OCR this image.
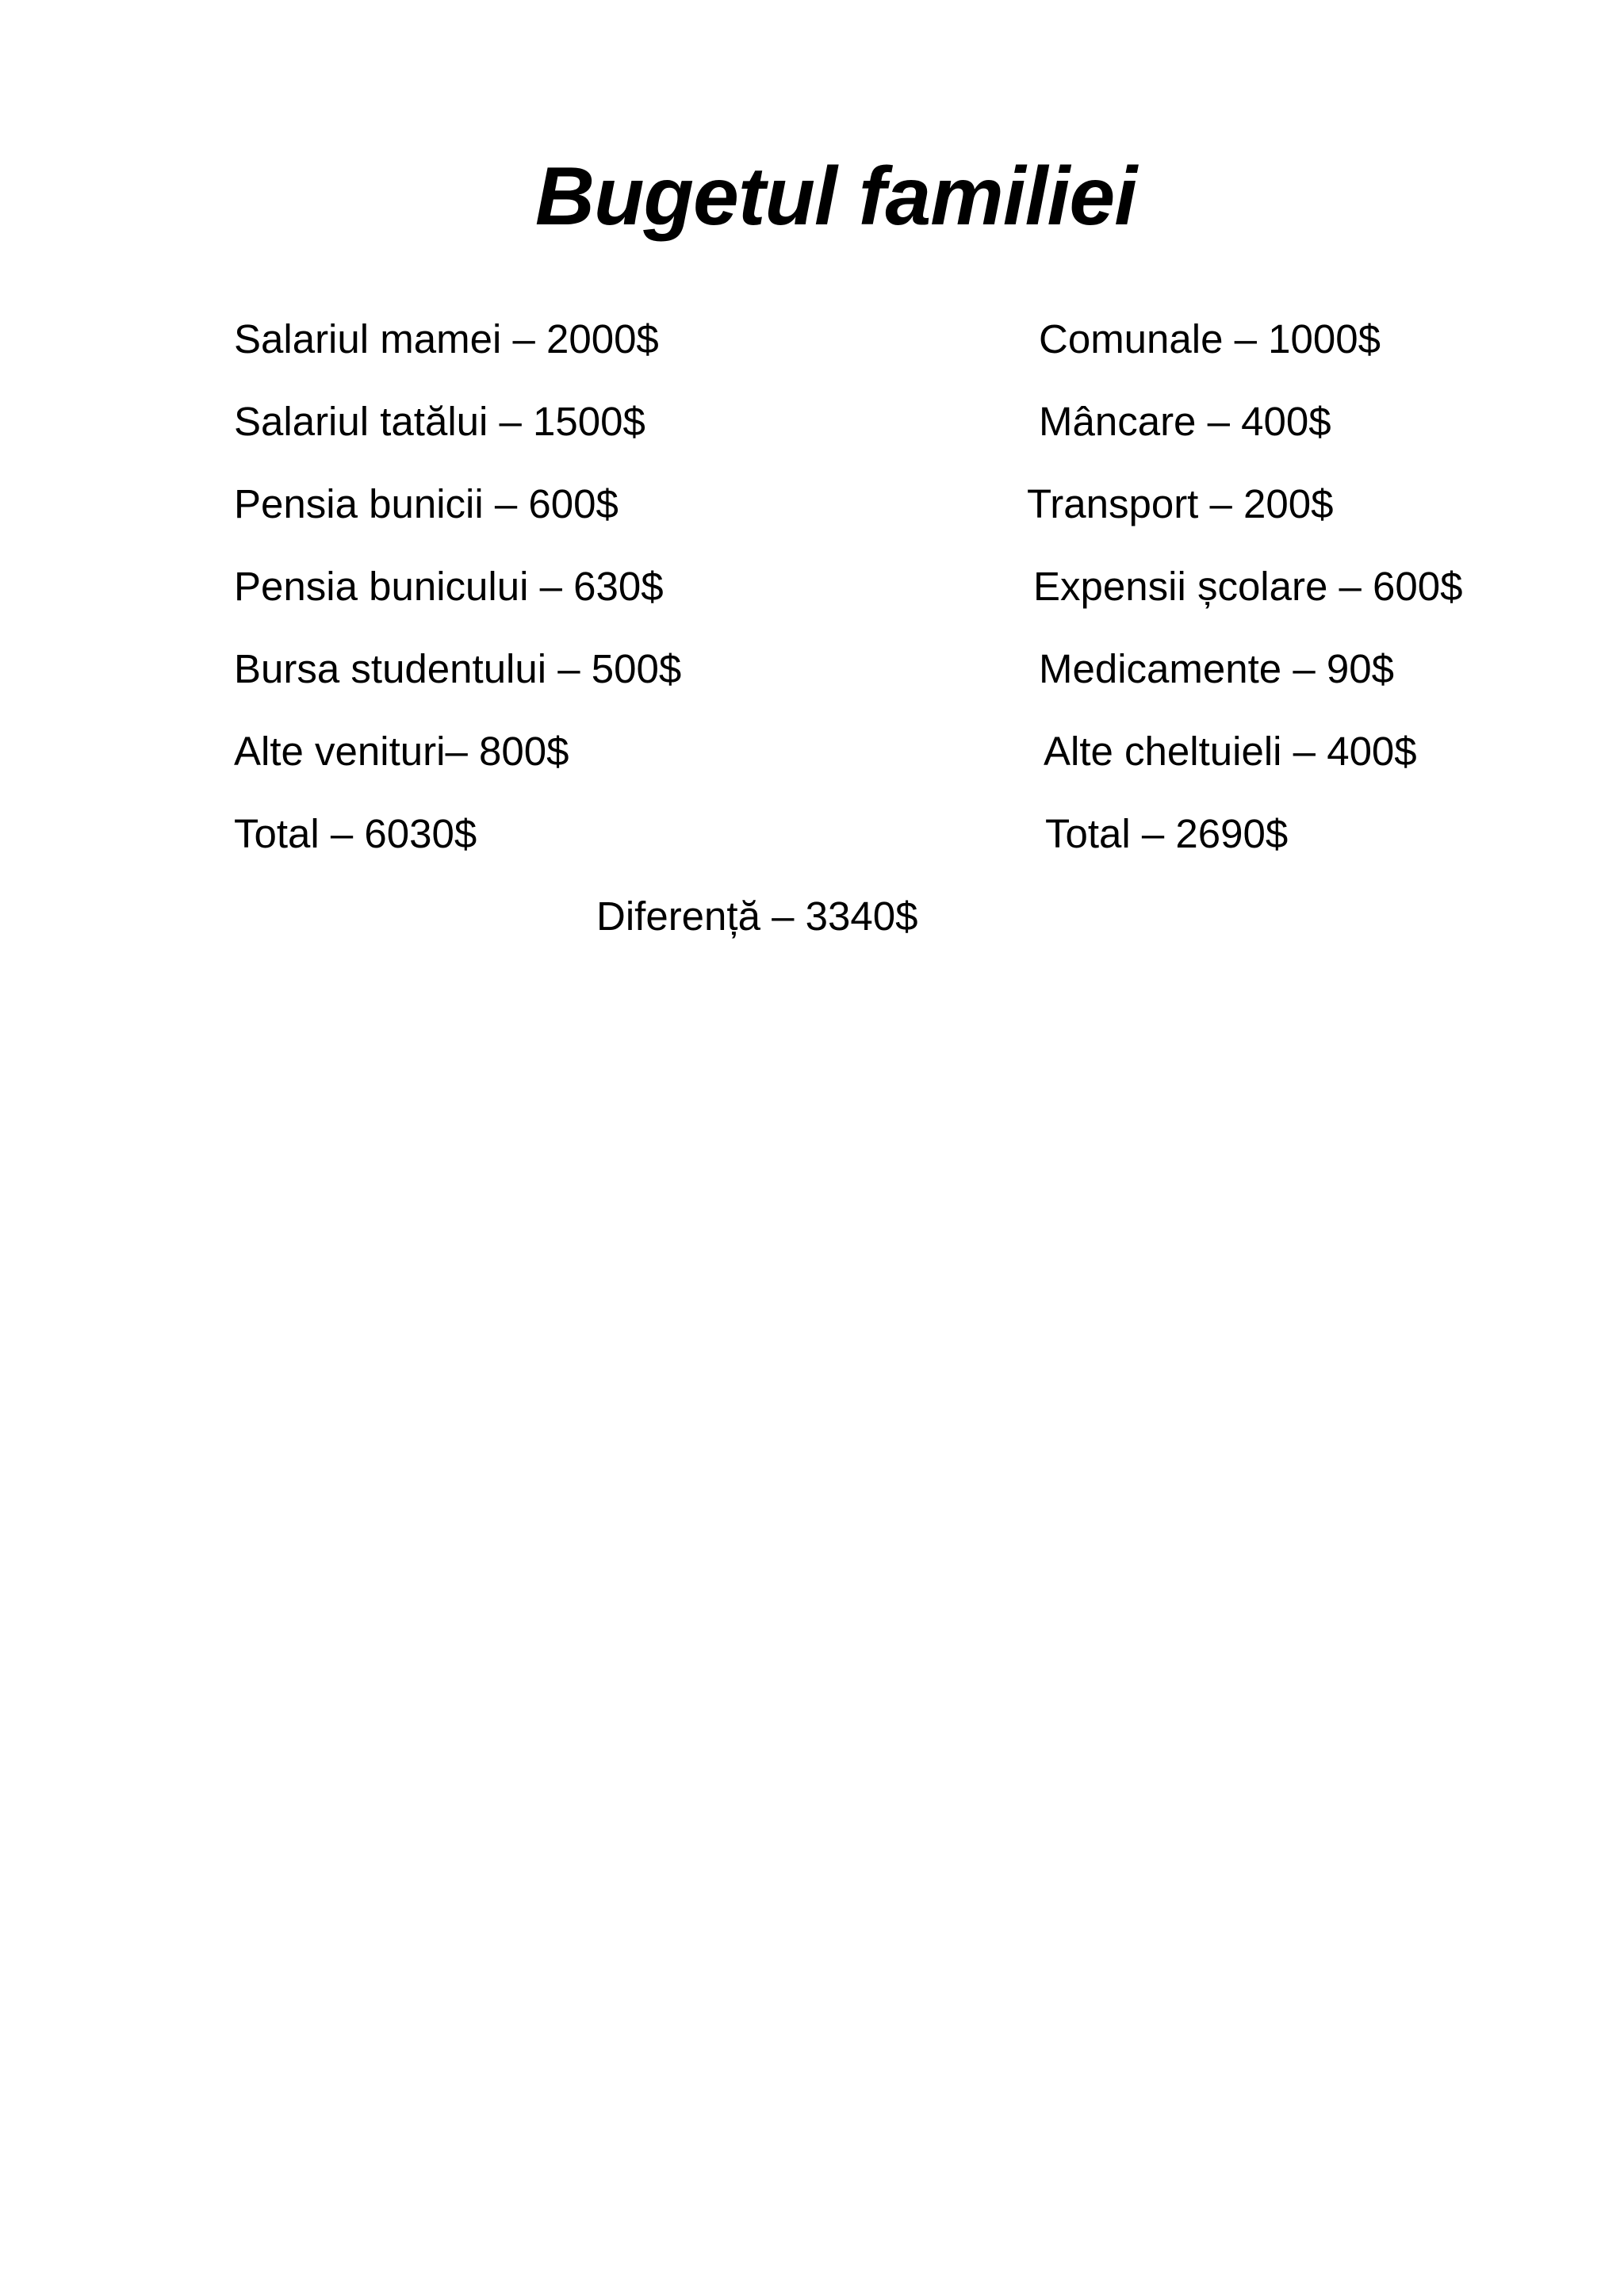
Bugetul familiei
Salariul mamei – 2000$
Salariul tatălui – 1500$
Pensia bunicii – 600$
Pensia bunicului – 630$
Bursa studentului – 500$
Alte venituri– 800$
Total – 6030$
Comunale – 1000$
Mâncare – 400$
Transport – 200$
Expensii școlare – 600$
Medicamente – 90$
Alte cheltuieli – 400$
Total – 2690$
Diferență – 3340$
